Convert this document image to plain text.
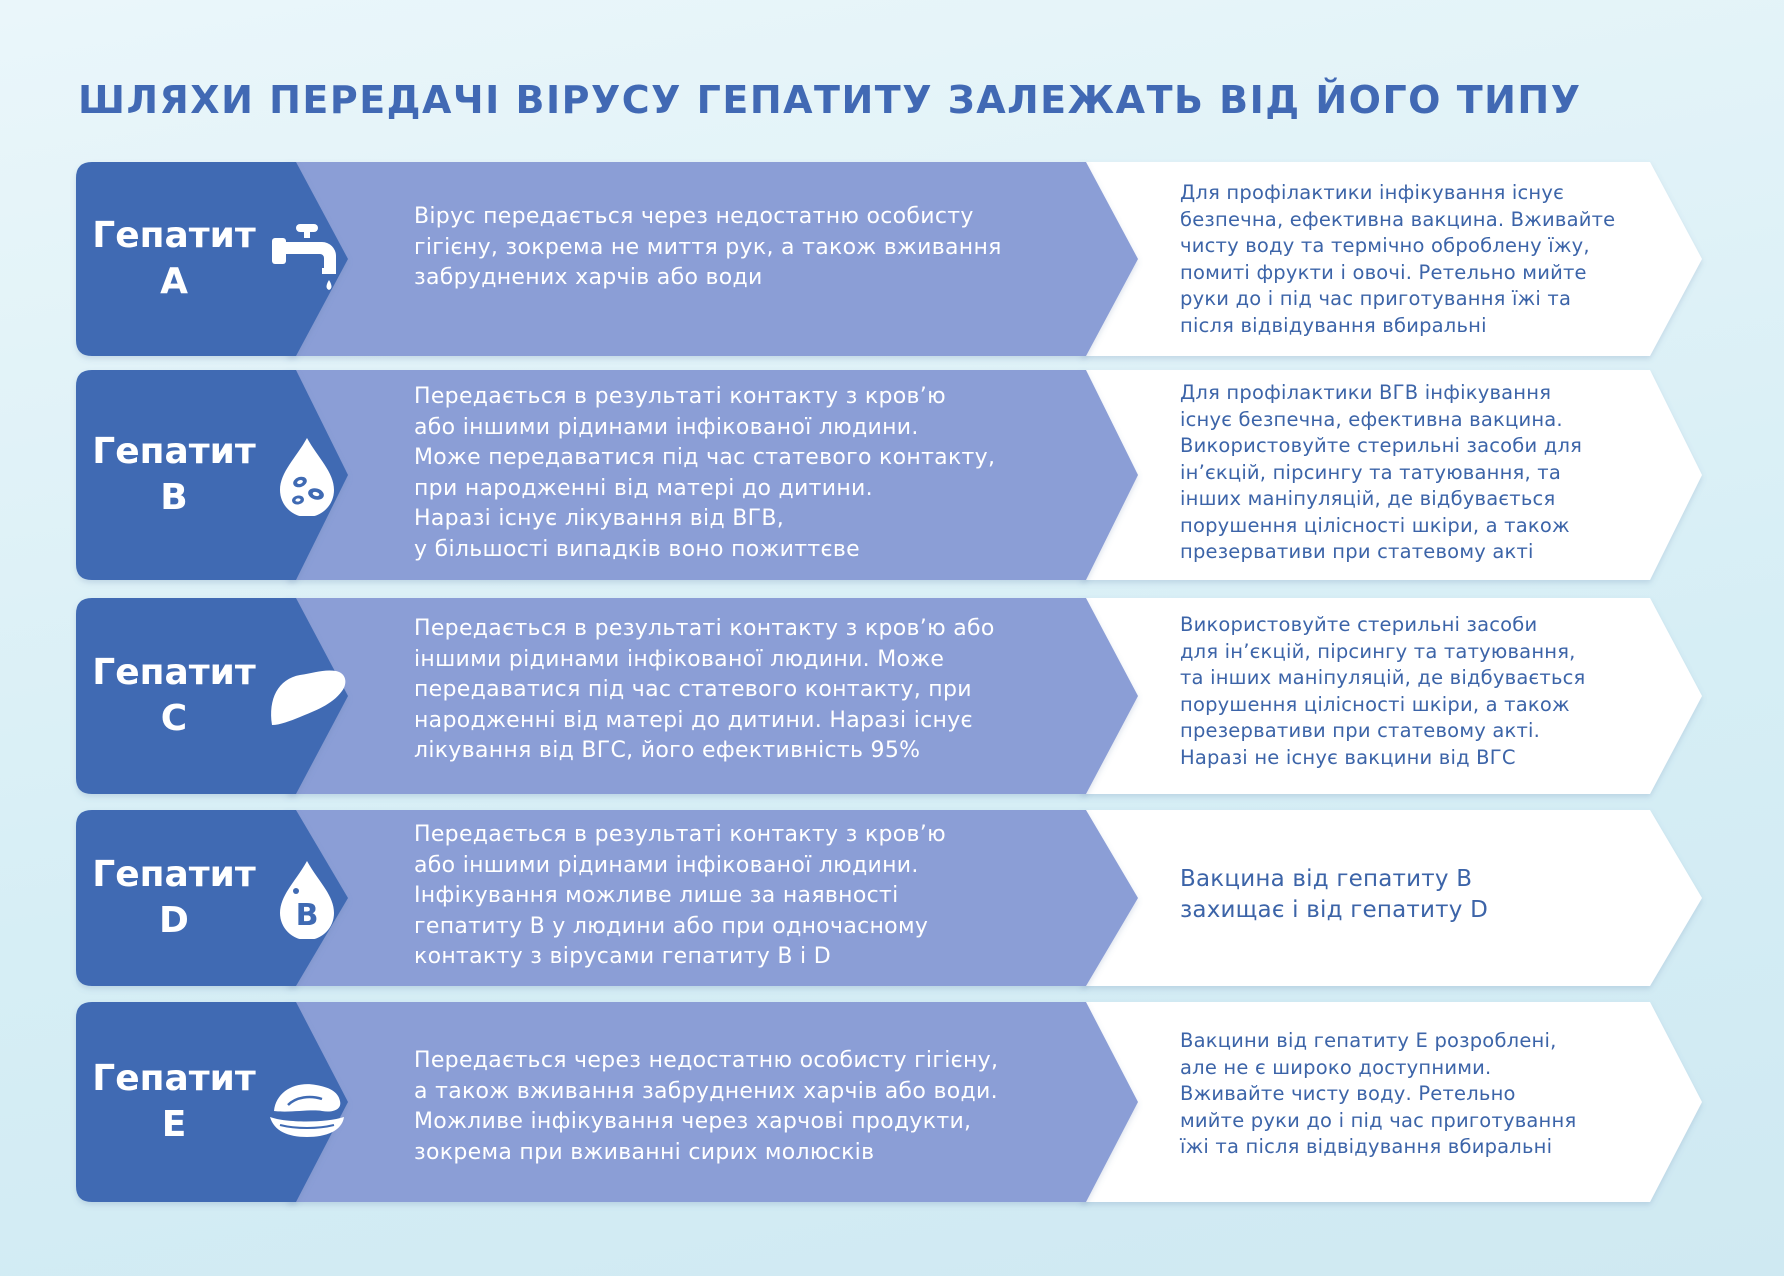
ШЛЯХИ ПЕРЕДАЧІ ВІРУСУ ГЕПАТИТУ ЗАЛЕЖАТЬ ВІД ЙОГО ТИПУ
Гепатит
A
Вірус передається через недостатню особисту
гігієну, зокрема не миття рук, а також вживання
забруднених харчів або води
Для профілактики інфікування існує
безпечна, ефективна вакцина. Вживайте
чисту воду та термічно оброблену їжу,
помиті фрукти і овочі. Ретельно мийте
руки до і під час приготування їжі та
після відвідування вбиральні
Гепатит
B
Передається в результаті контакту з кров’ю
або іншими рідинами інфікованої людини.
Може передаватися під час статевого контакту,
при народженні від матері до дитини.
Наразі існує лікування від ВГВ,
у більшості випадків воно пожиттєве
Для профілактики ВГВ інфікування
існує безпечна, ефективна вакцина.
Використовуйте стерильні засоби для
ін’єкцій, пірсингу та татуювання, та
інших маніпуляцій, де відбувається
порушення цілісності шкіри, а також
презервативи при статевому акті
Гепатит
C
Передається в результаті контакту з кров’ю або
іншими рідинами інфікованої людини. Може
передаватися під час статевого контакту, при
народженні від матері до дитини. Наразі існує
лікування від ВГС, його ефективність 95%
Використовуйте стерильні засоби
для ін’єкцій, пірсингу та татуювання,
та інших маніпуляцій, де відбувається
порушення цілісності шкіри, а також
презервативи при статевому акті.
Наразі не існує вакцини від ВГС
Гепатит
D	B
Передається в результаті контакту з кров’ю
або іншими рідинами інфікованої людини.
Інфікування можливе лише за наявності
гепатиту В у людини або при одночасному
контакту з вірусами гепатиту В і D
Вакцина від гепатиту В
захищає і від гепатиту D
Гепатит
E
Передається через недостатню особисту гігієну,
а також вживання забруднених харчів або води.
Можливе інфікування через харчові продукти,
зокрема при вживанні сирих молюсків
Вакцини від гепатиту Е розроблені,
але не є широко доступними.
Вживайте чисту воду. Ретельно
мийте руки до і під час приготування
їжі та після відвідування вбиральні
